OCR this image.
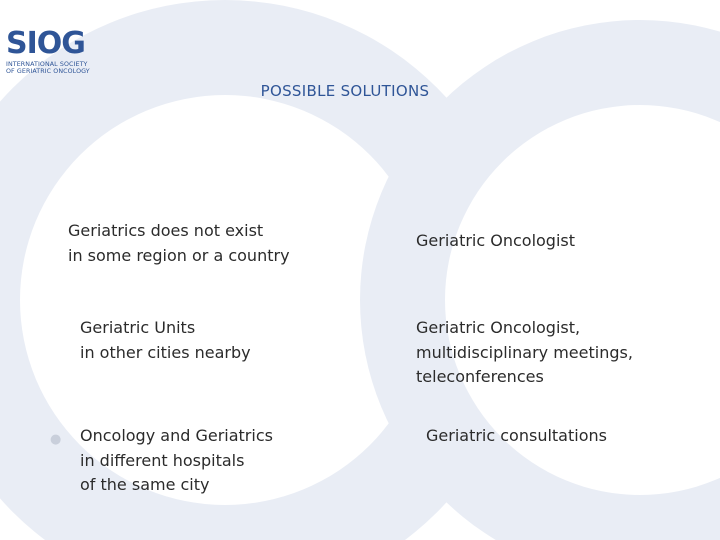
SIOG
INTERNATIONAL SOCIETY
OF GERIATRIC ONCOLOGY
POSSIBLE SOLUTIONS
Geriatrics does not exist
in some region or a country
Geriatric Oncologist
Geriatric Units
in other cities nearby
Geriatric Oncologist,
multidisciplinary meetings,
teleconferences
● Oncology and Geriatrics
in different hospitals
of the same city
Geriatric consultations
